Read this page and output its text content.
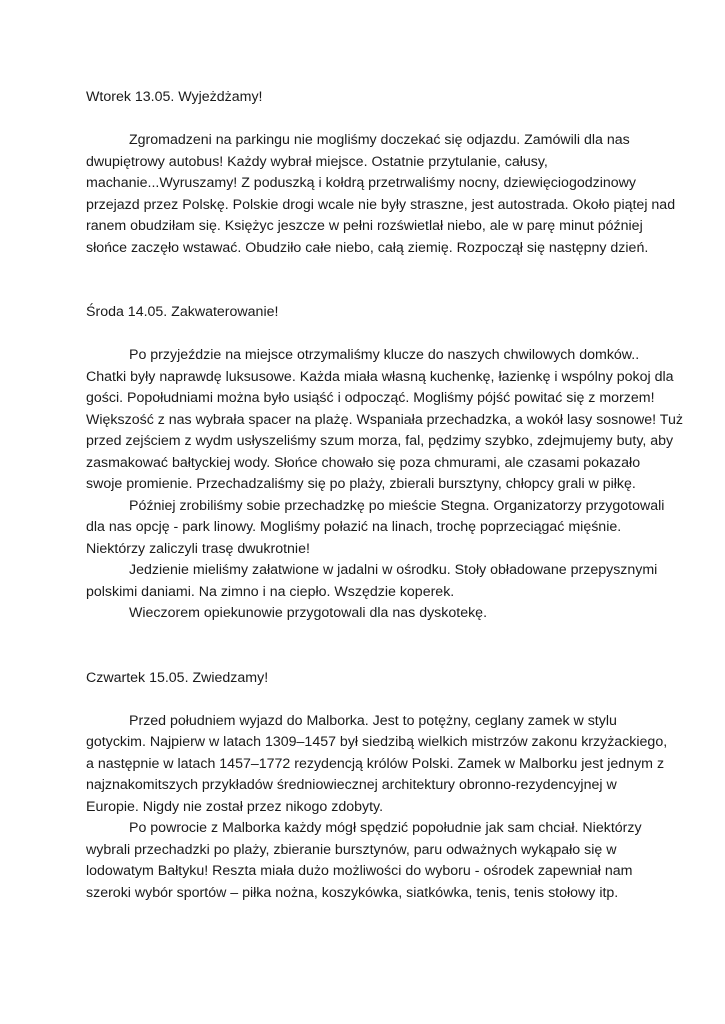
Wtorek 13.05. Wyjeżdżamy!

Zgromadzeni na parkingu nie mogliśmy doczekać się odjazdu. Zamówili dla nas
dwupiętrowy autobus! Każdy wybrał miejsce. Ostatnie przytulanie, całusy,
machanie...Wyruszamy! Z poduszką i kołdrą przetrwaliśmy nocny, dziewięciogodzinowy
przejazd przez Polskę. Polskie drogi wcale nie były straszne, jest autostrada. Około piątej nad
ranem obudziłam się. Księżyc jeszcze w pełni rozświetlał niebo, ale w parę minut później
słońce zaczęło wstawać. Obudziło całe niebo, całą ziemię. Rozpoczął się następny dzień.

Środa 14.05. Zakwaterowanie!

Po przyjeździe na miejsce otrzymaliśmy klucze do naszych chwilowych domków..
Chatki były naprawdę luksusowe. Każda miała własną kuchenkę, łazienkę i wspólny pokoj dla
gości. Popołudniami można było usiąść i odpocząć. Mogliśmy pójść powitać się z morzem!
Większość z nas wybrała spacer na plażę. Wspaniała przechadzka, a wokół lasy sosnowe! Tuż
przed zejściem z wydm usłyszeliśmy szum morza, fal, pędzimy szybko, zdejmujemy buty, aby
zasmakować bałtyckiej wody. Słońce chowało się poza chmurami, ale czasami pokazało
swoje promienie. Przechadzaliśmy się po plaży, zbierali bursztyny, chłopcy grali w piłkę.
Później zrobiliśmy sobie przechadzkę po mieście Stegna. Organizatorzy przygotowali
dla nas opcję - park linowy. Mogliśmy połazić na linach, trochę poprzeciągać mięśnie.
Niektórzy zaliczyli trasę dwukrotnie!
Jedzienie mieliśmy załatwione w jadalni w ośrodku. Stoły obładowane przepysznymi
polskimi daniami. Na zimno i na ciepło. Wszędzie koperek.
Wieczorem opiekunowie przygotowali dla nas dyskotekę.

Czwartek 15.05. Zwiedzamy!

Przed południem wyjazd do Malborka. Jest to potężny, ceglany zamek w stylu
gotyckim. Najpierw w latach 1309–1457 był siedzibą wielkich mistrzów zakonu krzyżackiego,
a następnie w latach 1457–1772 rezydencją królów Polski. Zamek w Malborku jest jednym z
najznakomitszych przykładów średniowiecznej architektury obronno-rezydencyjnej w
Europie. Nigdy nie został przez nikogo zdobyty.
Po powrocie z Malborka każdy mógł spędzić popołudnie jak sam chciał. Niektórzy
wybrali przechadzki po plaży, zbieranie bursztynów, paru odważnych wykąpało się w
lodowatym Bałtyku! Reszta miała dużo możliwości do wyboru - ośrodek zapewniał nam
szeroki wybór sportów – piłka nożna, koszykówka, siatkówka, tenis, tenis stołowy itp.
